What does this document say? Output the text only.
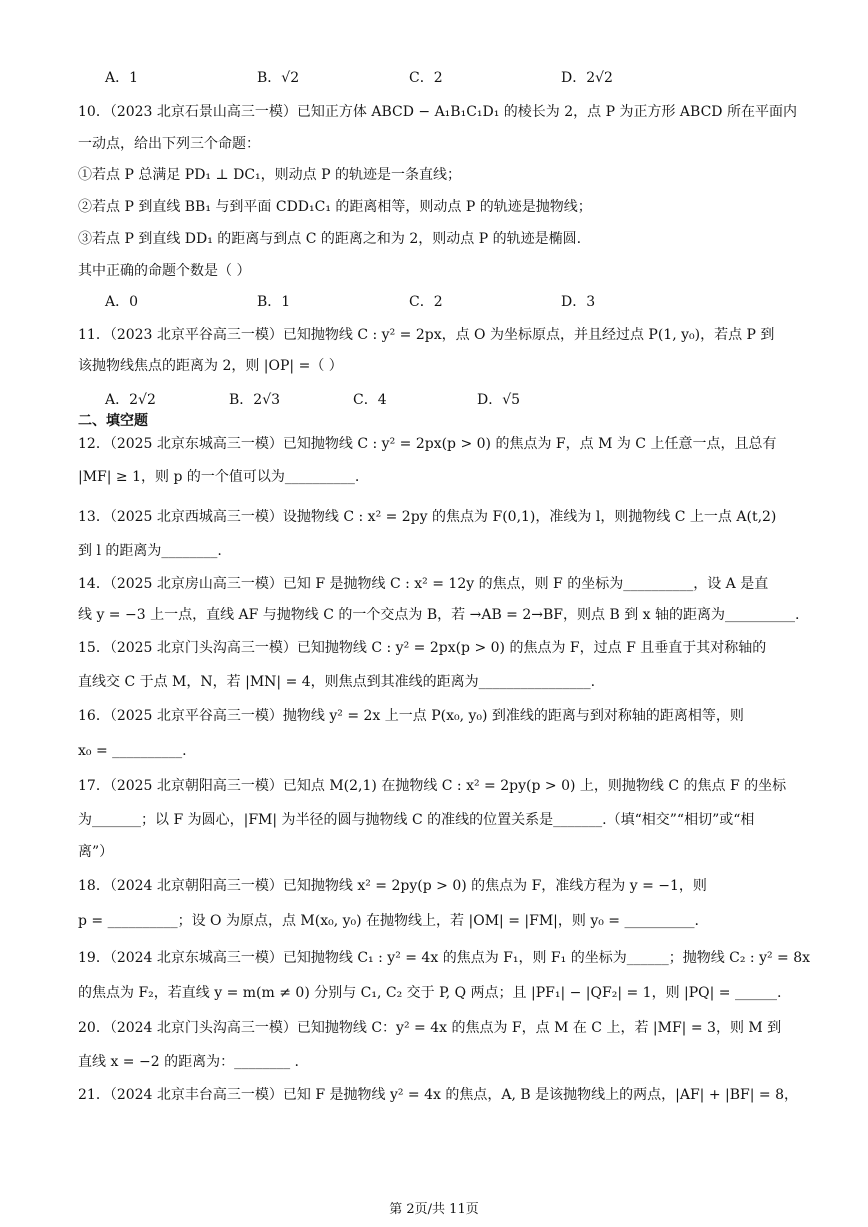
A．1	B．√2	C．2	D．2√2
10．（2023 北京石景山高三一模）已知正方体 ABCD − A₁B₁C₁D₁ 的棱长为 2，点 P 为正方形 ABCD 所在平面内
一动点，给出下列三个命题：
①若点 P 总满足 PD₁ ⊥ DC₁，则动点 P 的轨迹是一条直线；
②若点 P 到直线 BB₁ 与到平面 CDD₁C₁ 的距离相等，则动点 P 的轨迹是抛物线；
③若点 P 到直线 DD₁ 的距离与到点 C 的距离之和为 2，则动点 P 的轨迹是椭圆.
其中正确的命题个数是（ ）
A．0	B．1	C．2	D．3
11．（2023 北京平谷高三一模）已知抛物线 C : y² = 2px，点 O 为坐标原点，并且经过点 P(1, y₀)，若点 P 到
该抛物线焦点的距离为 2，则 |OP| =（ ）
A．2√2	B．2√3	C．4	D．√5
二、填空题
12．（2025 北京东城高三一模）已知抛物线 C : y² = 2px(p > 0) 的焦点为 F，点 M 为 C 上任意一点，且总有
|MF| ≥ 1，则 p 的一个值可以为__________.
13．（2025 北京西城高三一模）设抛物线 C : x² = 2py 的焦点为 F(0,1)，准线为 l，则抛物线 C 上一点 A(t,2)
到 l 的距离为________.
14．（2025 北京房山高三一模）已知 F 是抛物线 C : x² = 12y 的焦点，则 F 的坐标为__________，设 A 是直
线 y = −3 上一点，直线 AF 与抛物线 C 的一个交点为 B，若 →AB = 2→BF，则点 B 到 x 轴的距离为__________.
15．（2025 北京门头沟高三一模）已知抛物线 C : y² = 2px(p > 0) 的焦点为 F，过点 F 且垂直于其对称轴的
直线交 C 于点 M，N，若 |MN| = 4，则焦点到其准线的距离为________________.
16．（2025 北京平谷高三一模）抛物线 y² = 2x 上一点 P(x₀, y₀) 到准线的距离与到对称轴的距离相等，则
x₀ = __________.
17．（2025 北京朝阳高三一模）已知点 M(2,1) 在抛物线 C : x² = 2py(p > 0) 上，则抛物线 C 的焦点 F 的坐标
为_______；以 F 为圆心，|FM| 为半径的圆与抛物线 C 的准线的位置关系是_______.（填“相交”“相切”或“相
离”）
18．（2024 北京朝阳高三一模）已知抛物线 x² = 2py(p > 0) 的焦点为 F，准线方程为 y = −1，则
p = __________；设 O 为原点，点 M(x₀, y₀) 在抛物线上，若 |OM| = |FM|，则 y₀ = __________.
19．（2024 北京东城高三一模）已知抛物线 C₁ : y² = 4x 的焦点为 F₁，则 F₁ 的坐标为______；抛物线 C₂ : y² = 8x
的焦点为 F₂，若直线 y = m(m ≠ 0) 分别与 C₁, C₂ 交于 P, Q 两点；且 |PF₁| − |QF₂| = 1，则 |PQ| = ______.
20．（2024 北京门头沟高三一模）已知抛物线 C：y² = 4x 的焦点为 F，点 M 在 C 上，若 |MF| = 3，则 M 到
直线 x = −2 的距离为：________ .
21．（2024 北京丰台高三一模）已知 F 是抛物线 y² = 4x 的焦点，A, B 是该抛物线上的两点，|AF| + |BF| = 8，
第 2页/共 11页
